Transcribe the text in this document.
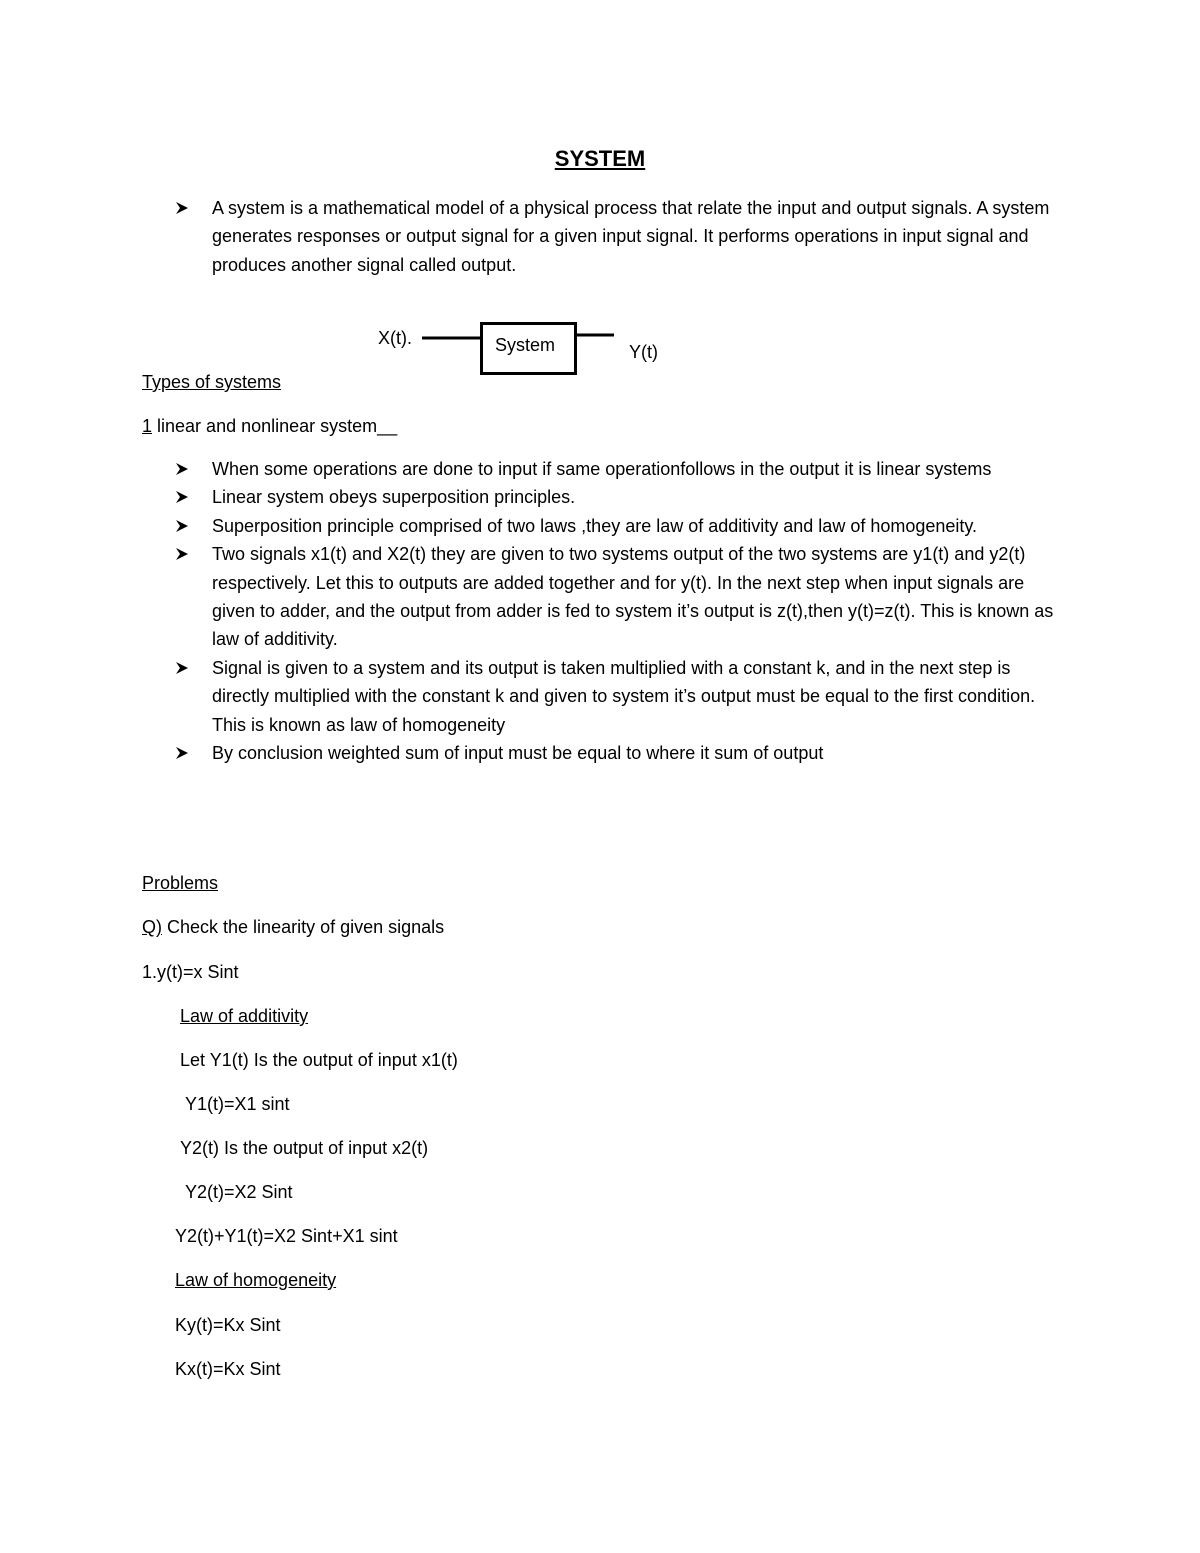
SYSTEM
A system is a mathematical model of a physical process that relate the input and output signals. A system generates responses or output signal for a given input signal. It performs operations in input signal and produces another signal called output.
X(t).	System	Y(t)
Types of systems
1 linear and nonlinear system__
When some operations are done to input if same operationfollows in the output it is linear systems
Linear system obeys superposition principles.
Superposition principle comprised of two laws ,they are law of additivity and law of homogeneity.
Two signals x1(t) and X2(t) they are given to two systems output of the two systems are y1(t) and y2(t) respectively. Let this to outputs are added together and for y(t). In the next step when input signals are given to adder, and the output from adder is fed to system it’s output is z(t),then y(t)=z(t). This is known as law of additivity.
Signal is given to a system and its output is taken multiplied with a constant k, and in the next step is directly multiplied with the constant k and given to system it’s output must be equal to the first condition. This is known as law of homogeneity
By conclusion weighted sum of input must be equal to where it sum of output
Problems
Q) Check the linearity of given signals
1.y(t)=x Sint
Law of additivity
Let Y1(t) Is the output of input x1(t)
Y1(t)=X1 sint
Y2(t) Is the output of input x2(t)
Y2(t)=X2 Sint
Y2(t)+Y1(t)=X2 Sint+X1 sint
Law of homogeneity
Ky(t)=Kx Sint
Kx(t)=Kx Sint
